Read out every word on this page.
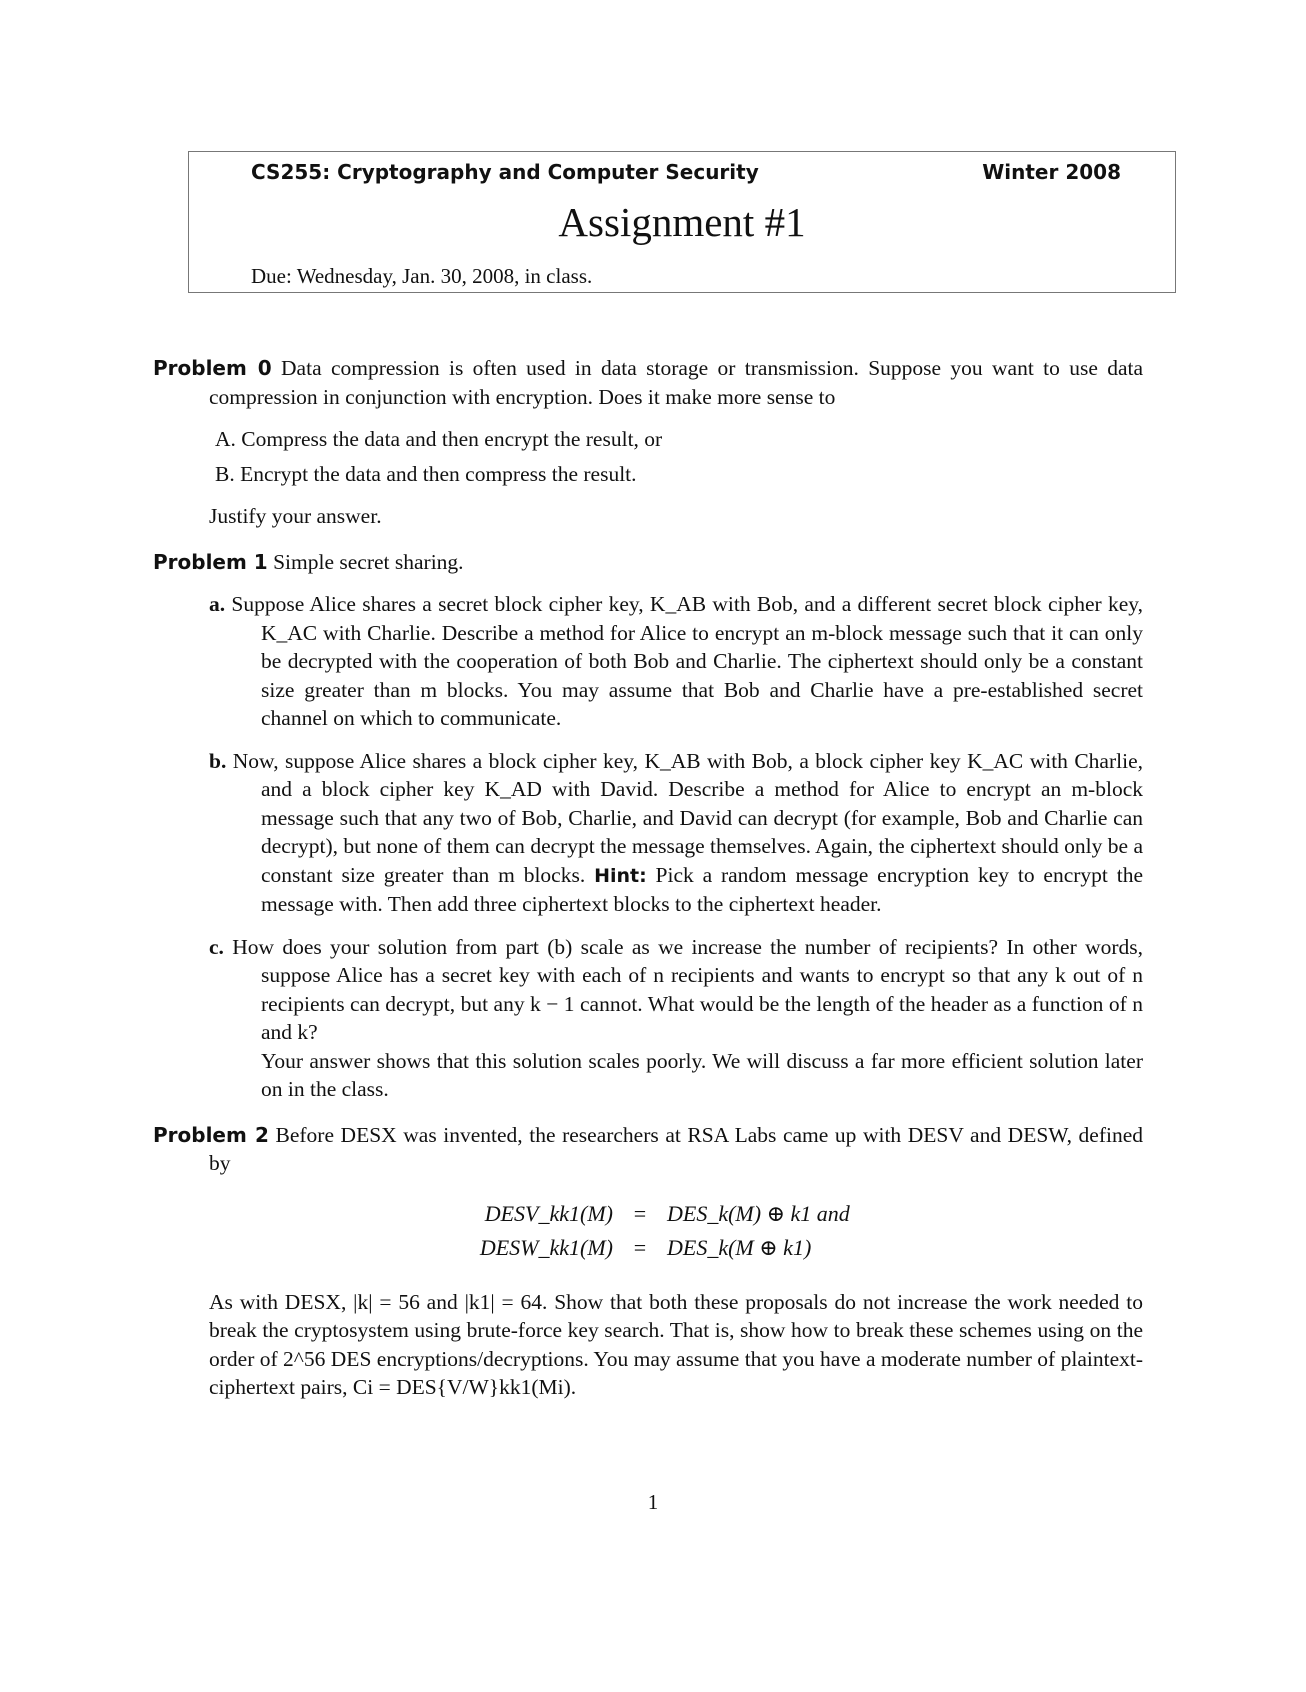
CS255: Cryptography and Computer Security	Winter 2008
Assignment #1
Due: Wednesday, Jan. 30, 2008, in class.

Problem 0 Data compression is often used in data storage or transmission. Suppose you want to use data compression in conjunction with encryption. Does it make more sense to

A. Compress the data and then encrypt the result, or
B. Encrypt the data and then compress the result.
Justify your answer.

Problem 1 Simple secret sharing.

a. Suppose Alice shares a secret block cipher key, K_AB with Bob, and a different secret block cipher key, K_AC with Charlie. Describe a method for Alice to encrypt an m-block message such that it can only be decrypted with the cooperation of both Bob and Charlie. The ciphertext should only be a constant size greater than m blocks. You may assume that Bob and Charlie have a pre-established secret channel on which to communicate.
b. Now, suppose Alice shares a block cipher key, K_AB with Bob, a block cipher key K_AC with Charlie, and a block cipher key K_AD with David. Describe a method for Alice to encrypt an m-block message such that any two of Bob, Charlie, and David can decrypt (for example, Bob and Charlie can decrypt), but none of them can decrypt the message themselves. Again, the ciphertext should only be a constant size greater than m blocks. Hint: Pick a random message encryption key to encrypt the message with. Then add three ciphertext blocks to the ciphertext header.
c. How does your solution from part (b) scale as we increase the number of recipients? In other words, suppose Alice has a secret key with each of n recipients and wants to encrypt so that any k out of n recipients can decrypt, but any k − 1 cannot. What would be the length of the header as a function of n and k?
Your answer shows that this solution scales poorly. We will discuss a far more efficient solution later on in the class.

Problem 2 Before DESX was invented, the researchers at RSA Labs came up with DESV and DESW, defined by

DESV_kk1(M) = DES_k(M) ⊕ k1 and
DESW_kk1(M) = DES_k(M ⊕ k1)
As with DESX, |k| = 56 and |k1| = 64. Show that both these proposals do not increase the work needed to break the cryptosystem using brute-force key search. That is, show how to break these schemes using on the order of 2^56 DES encryptions/decryptions. You may assume that you have a moderate number of plaintext-ciphertext pairs, Ci = DES{V/W}kk1(Mi).
1
